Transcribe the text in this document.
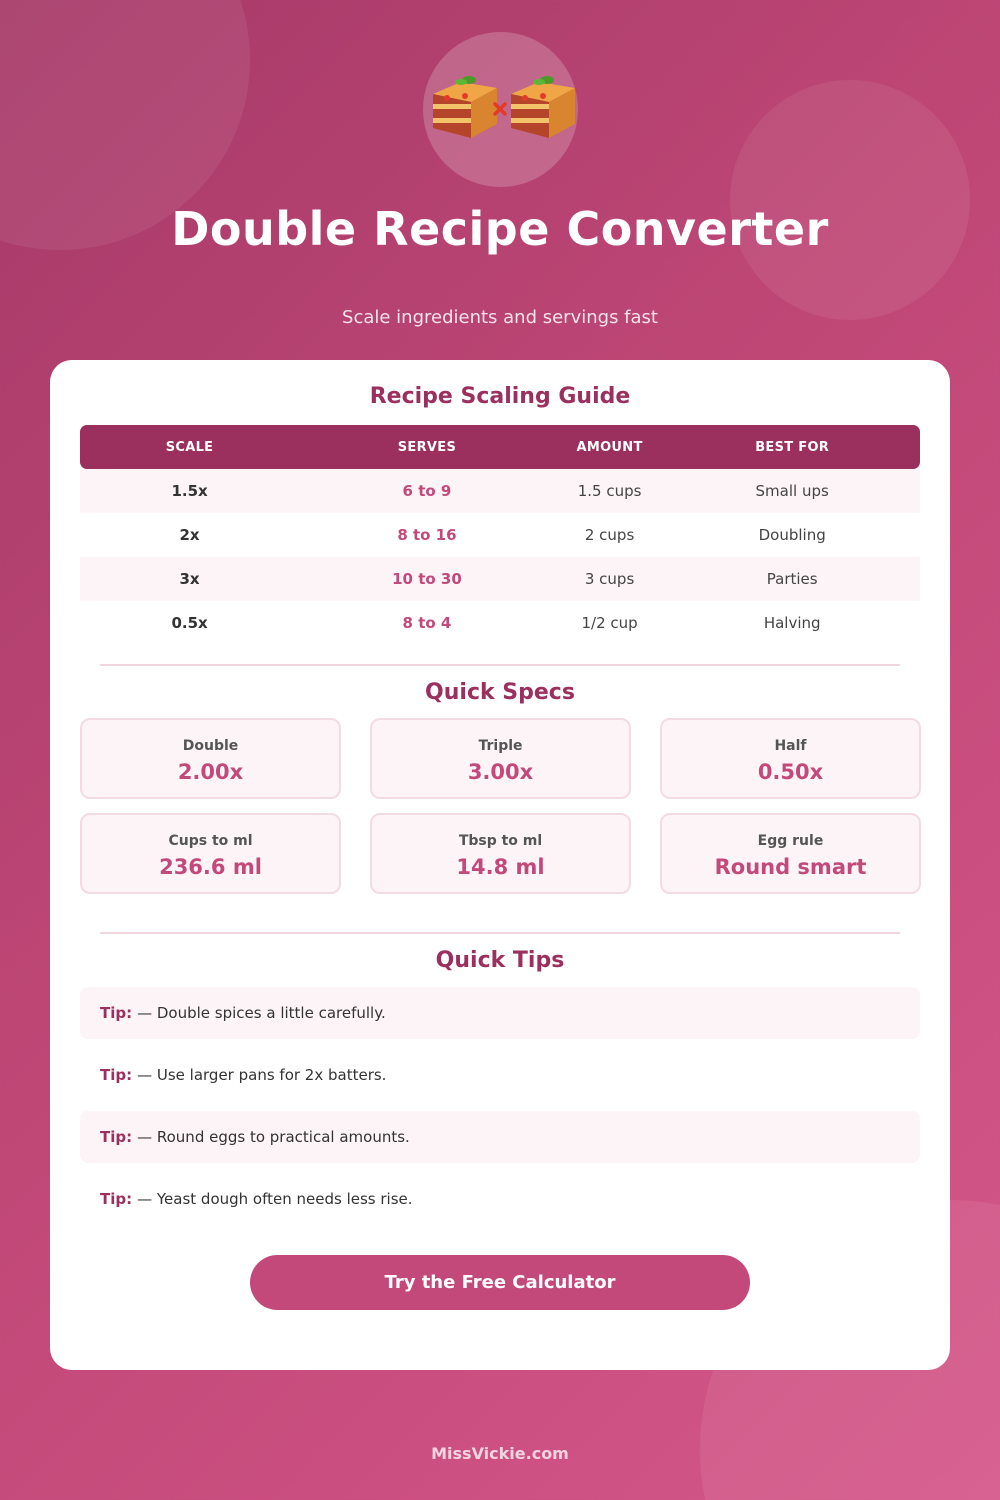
Double Recipe Converter
Scale ingredients and servings fast
Recipe Scaling Guide
SCALE	SERVES	AMOUNT	BEST FOR
1.5x	6 to 9	1.5 cups	Small ups
2x	8 to 16	2 cups	Doubling
3x	10 to 30	3 cups	Parties
0.5x	8 to 4	1/2 cup	Halving
Quick Specs
Double
2.00x
Triple
3.00x
Half
0.50x
Cups to ml
236.6 ml
Tbsp to ml
14.8 ml
Egg rule
Round smart
Quick Tips
Tip: — Double spices a little carefully.
Tip: — Use larger pans for 2x batters.
Tip: — Round eggs to practical amounts.
Tip: — Yeast dough often needs less rise.
Try the Free Calculator
MissVickie.com
